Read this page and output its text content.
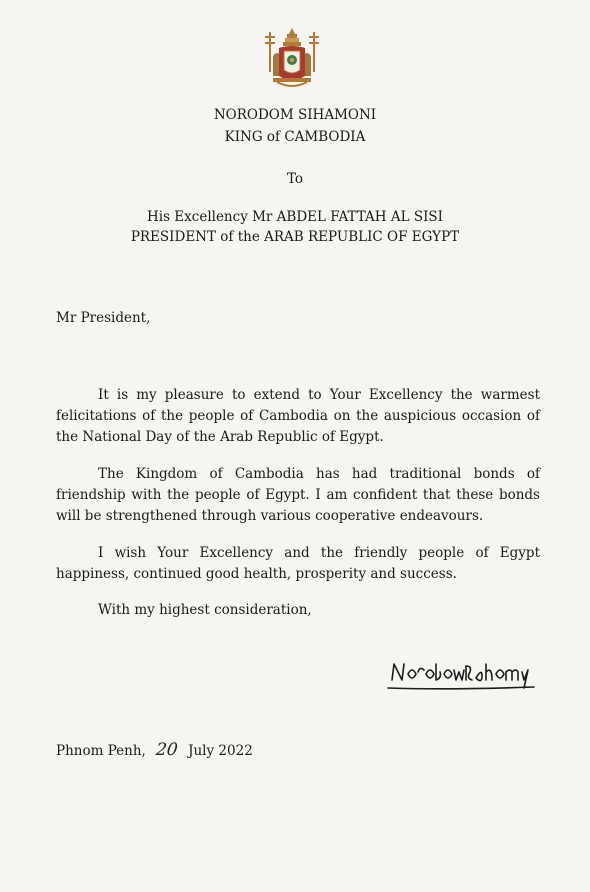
NORODOM SIHAMONI
KING of CAMBODIA
To
His Excellency Mr ABDEL FATTAH AL SISI
PRESIDENT of the ARAB REPUBLIC OF EGYPT
Mr President,

It is my pleasure to extend to Your Excellency the warmest felicitations of the people of Cambodia on the auspicious occasion of the National Day of the Arab Republic of Egypt.

The Kingdom of Cambodia has had traditional bonds of friendship with the people of Egypt. I am confident that these bonds will be strengthened through various cooperative endeavours.

I wish Your Excellency and the friendly people of Egypt happiness, continued good health, prosperity and success.

With my highest consideration,
Phnom Penh, 20 July 2022
